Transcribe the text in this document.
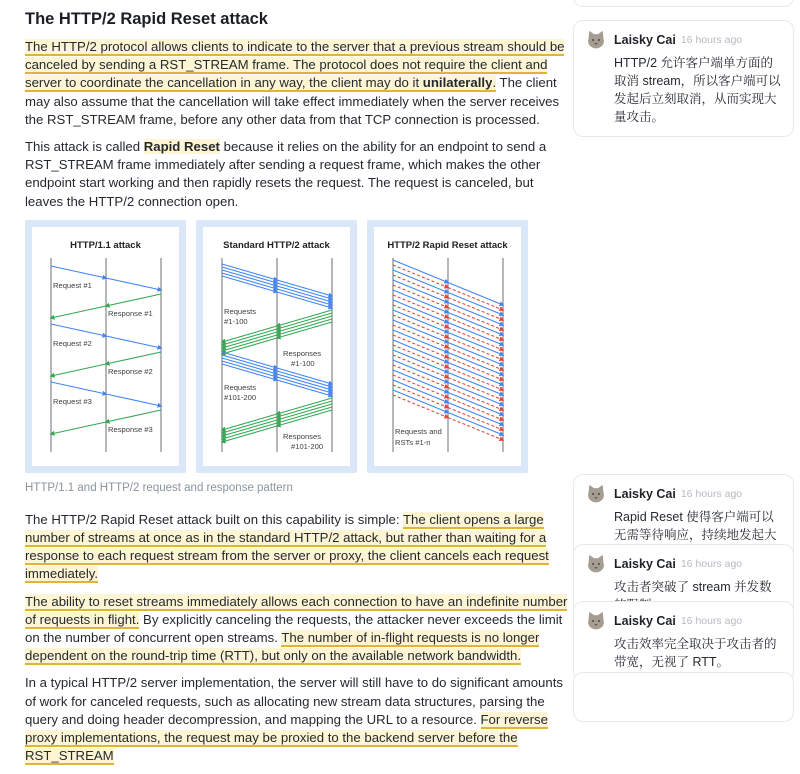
The HTTP/2 Rapid Reset attack

The HTTP/2 protocol allows clients to indicate to the server that a previous stream should be canceled by sending a RST_STREAM frame. The protocol does not require the client and server to coordinate the cancellation in any way, the client may do it unilaterally. The client may also assume that the cancellation will take effect immediately when the server receives the RST_STREAM frame, before any other data from that TCP connection is processed.

This attack is called Rapid Reset because it relies on the ability for an endpoint to send a RST_STREAM frame immediately after sending a request frame, which makes the other endpoint start working and then rapidly resets the request. The request is canceled, but leaves the HTTP/2 connection open.

HTTP/1.1 attack
Request #1
Response #1
Request #2
Response #2
Request #3
Response #3
Standard HTTP/2 attack
Requests
#1-100
Responses
#1-100
Requests
#101-200
Responses
#101-200
HTTP/2 Rapid Reset attack
Requests and
RSTs #1-n
HTTP/1.1 and HTTP/2 request and response pattern

The HTTP/2 Rapid Reset attack built on this capability is simple: The client opens a large number of streams at once as in the standard HTTP/2 attack, but rather than waiting for a response to each request stream from the server or proxy, the client cancels each request immediately.

The ability to reset streams immediately allows each connection to have an indefinite number of requests in flight. By explicitly canceling the requests, the attacker never exceeds the limit on the number of concurrent open streams. The number of in-flight requests is no longer dependent on the round-trip time (RTT), but only on the available network bandwidth.

In a typical HTTP/2 server implementation, the server will still have to do significant amounts of work for canceled requests, such as allocating new stream data structures, parsing the query and doing header decompression, and mapping the URL to a resource. For reverse proxy implementations, the request may be proxied to the backend server before the RST_STREAM

Laisky Cai 16 hours ago
HTTP/2 允许客户端单方面的取消 stream，所以客户端可以发起后立刻取消，从而实现大量攻击。
Laisky Cai 16 hours ago
Rapid Reset 使得客户端可以无需等待响应，持续地发起大
Laisky Cai 16 hours ago
攻击者突破了 stream 并发数
Laisky Cai 16 hours ago
攻击效率完全取决于攻击者的带宽，无视了 RTT。
